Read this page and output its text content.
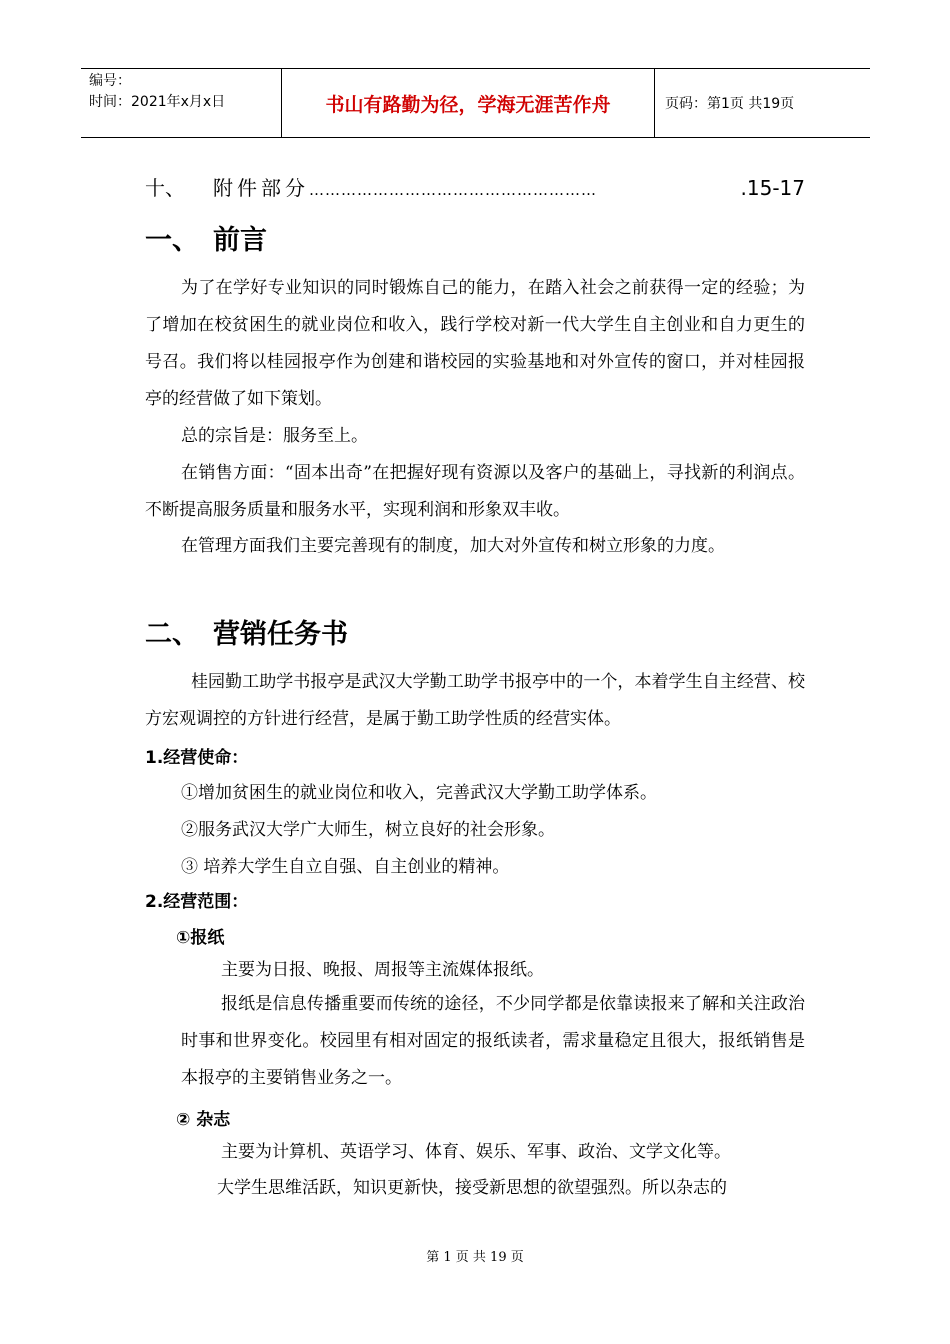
编号：
时间：2021年x月x日	书山有路勤为径，学海无涯苦作舟	页码：第1页 共19页
十、	附件部分 ………………………………………………	.15-17
一、 前言

为了在学好专业知识的同时锻炼自己的能力，在踏入社会之前获得一定的经验；为了增加在校贫困生的就业岗位和收入，践行学校对新一代大学生自主创业和自力更生的号召。我们将以桂园报亭作为创建和谐校园的实验基地和对外宣传的窗口，并对桂园报亭的经营做了如下策划。

总的宗旨是：服务至上。

在销售方面：“固本出奇”在把握好现有资源以及客户的基础上，寻找新的利润点。不断提高服务质量和服务水平，实现利润和形象双丰收。

在管理方面我们主要完善现有的制度，加大对外宣传和树立形象的力度。

二、 营销任务书

桂园勤工助学书报亭是武汉大学勤工助学书报亭中的一个，本着学生自主经营、校方宏观调控的方针进行经营，是属于勤工助学性质的经营实体。

1.经营使命：

①增加贫困生的就业岗位和收入，完善武汉大学勤工助学体系。

②服务武汉大学广大师生，树立良好的社会形象。

③ 培养大学生自立自强、自主创业的精神。

2.经营范围：

①报纸

主要为日报、晚报、周报等主流媒体报纸。

报纸是信息传播重要而传统的途径，不少同学都是依靠读报来了解和关注政治时事和世界变化。校园里有相对固定的报纸读者，需求量稳定且很大，报纸销售是本报亭的主要销售业务之一。

② 杂志

主要为计算机、英语学习、体育、娱乐、军事、政治、文学文化等。

大学生思维活跃，知识更新快，接受新思想的欲望强烈。所以杂志的

第 1 页 共 19 页
